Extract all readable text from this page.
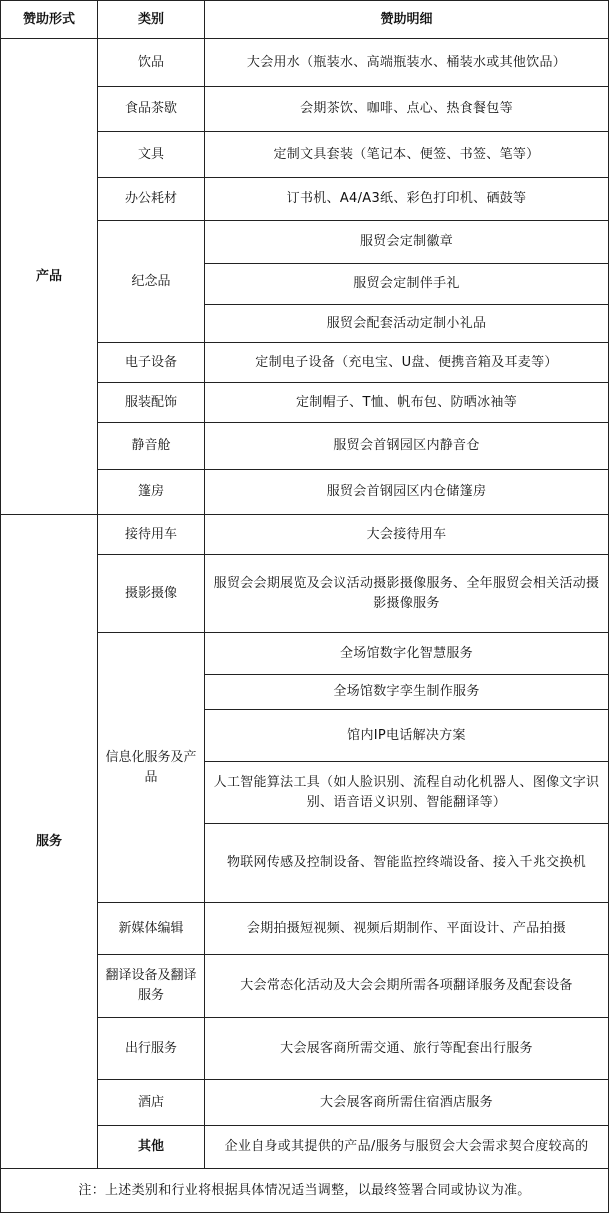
赞助形式	类别	赞助明细
产品	饮品	大会用水（瓶装水、高端瓶装水、桶装水或其他饮品）
	食品茶歇	会期茶饮、咖啡、点心、热食餐包等
	文具	定制文具套装（笔记本、便签、书签、笔等）
	办公耗材	订书机、A4/A3纸、彩色打印机、硒鼓等
	纪念品	服贸会定制徽章
		服贸会定制伴手礼
		服贸会配套活动定制小礼品
	电子设备	定制电子设备（充电宝、U盘、便携音箱及耳麦等）
	服装配饰	定制帽子、T恤、帆布包、防晒冰袖等
	静音舱	服贸会首钢园区内静音仓
	篷房	服贸会首钢园区内仓储篷房
服务	接待用车	大会接待用车
	摄影摄像	服贸会会期展览及会议活动摄影摄像服务、全年服贸会相关活动摄影摄像服务
	信息化服务及产品	全场馆数字化智慧服务
		全场馆数字孪生制作服务
		馆内IP电话解决方案
		人工智能算法工具（如人脸识别、流程自动化机器人、图像文字识别、语音语义识别、智能翻译等）
		物联网传感及控制设备、智能监控终端设备、接入千兆交换机
	新媒体编辑	会期拍摄短视频、视频后期制作、平面设计、产品拍摄
	翻译设备及翻译服务	大会常态化活动及大会会期所需各项翻译服务及配套设备
	出行服务	大会展客商所需交通、旅行等配套出行服务
	酒店	大会展客商所需住宿酒店服务
	其他	企业自身或其提供的产品/服务与服贸会大会需求契合度较高的
注：上述类别和行业将根据具体情况适当调整，以最终签署合同或协议为准。		
